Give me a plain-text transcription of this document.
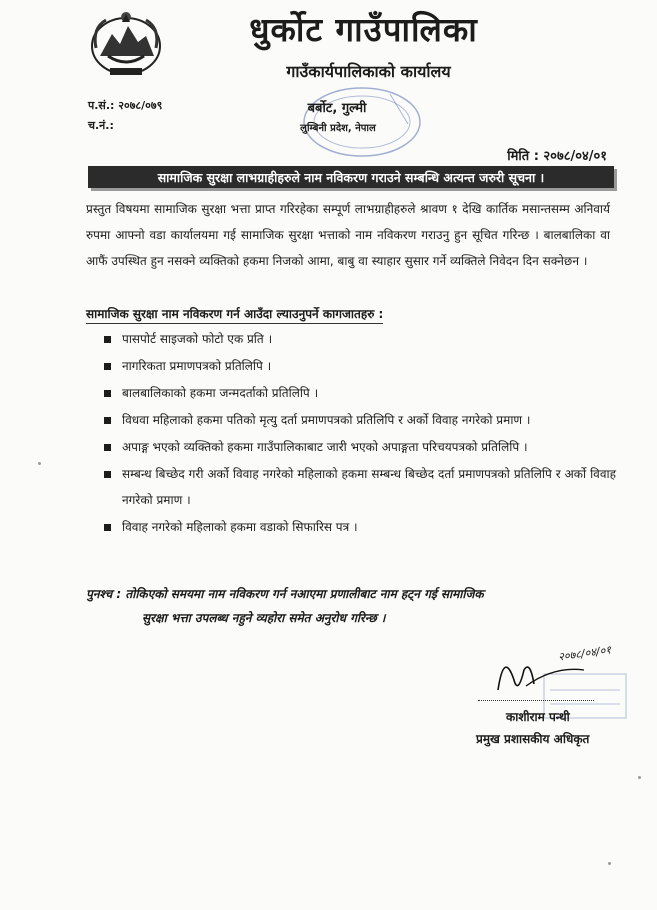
धुर्कोट गाउँपालिका
गाउँकार्यपालिकाको कार्यालय
प.सं.: २०७८/०७९
च.नं.:
बर्बोट, गुल्मी
लुम्बिनी प्रदेश, नेपाल
मिति : २०७८/०४/०१
सामाजिक सुरक्षा लाभग्राहीहरुले नाम नविकरण गराउने सम्बन्धि अत्यन्त जरुरी सूचना ।

प्रस्तुत विषयमा सामाजिक सुरक्षा भत्ता प्राप्त गरिरहेका सम्पूर्ण लाभग्राहीहरुले श्रावण १ देखि कार्तिक मसान्तसम्म अनिवार्य रुपमा आफ्नो वडा कार्यालयमा गई सामाजिक सुरक्षा भत्ताको नाम नविकरण गराउनु हुन सूचित गरिन्छ । बालबालिका वा आफैं उपस्थित हुन नसक्ने व्यक्तिको हकमा निजको आमा, बाबु वा स्याहार सुसार गर्ने व्यक्तिले निवेदन दिन सक्नेछन ।

सामाजिक सुरक्षा नाम नविकरण गर्न आउँदा ल्याउनुपर्ने कागजातहरु :
पासपोर्ट साइजको फोटो एक प्रति ।
नागरिकता प्रमाणपत्रको प्रतिलिपि ।
बालबालिकाको हकमा जन्मदर्ताको प्रतिलिपि ।
विधवा महिलाको हकमा पतिको मृत्यु दर्ता प्रमाणपत्रको प्रतिलिपि र अर्को विवाह नगरेको प्रमाण ।
अपाङ्ग भएको व्यक्तिको हकमा गाउँपालिकाबाट जारी भएको अपाङ्गता परिचयपत्रको प्रतिलिपि ।
सम्बन्ध बिच्छेद गरी अर्को विवाह नगरेको महिलाको हकमा सम्बन्ध बिच्छेद दर्ता प्रमाणपत्रको प्रतिलिपि र अर्को विवाह नगरेको प्रमाण ।
विवाह नगरेको महिलाको हकमा वडाको सिफारिस पत्र ।

पुनश्च : तोकिएको समयमा नाम नविकरण गर्न नआएमा प्रणालीबाट नाम हट्न गई सामाजिक
सुरक्षा भत्ता उपलब्ध नहुने व्यहोरा समेत अनुरोध गरिन्छ ।

२०७८/०४/०१
काशीराम पन्थी
प्रमुख प्रशासकीय अधिकृत
